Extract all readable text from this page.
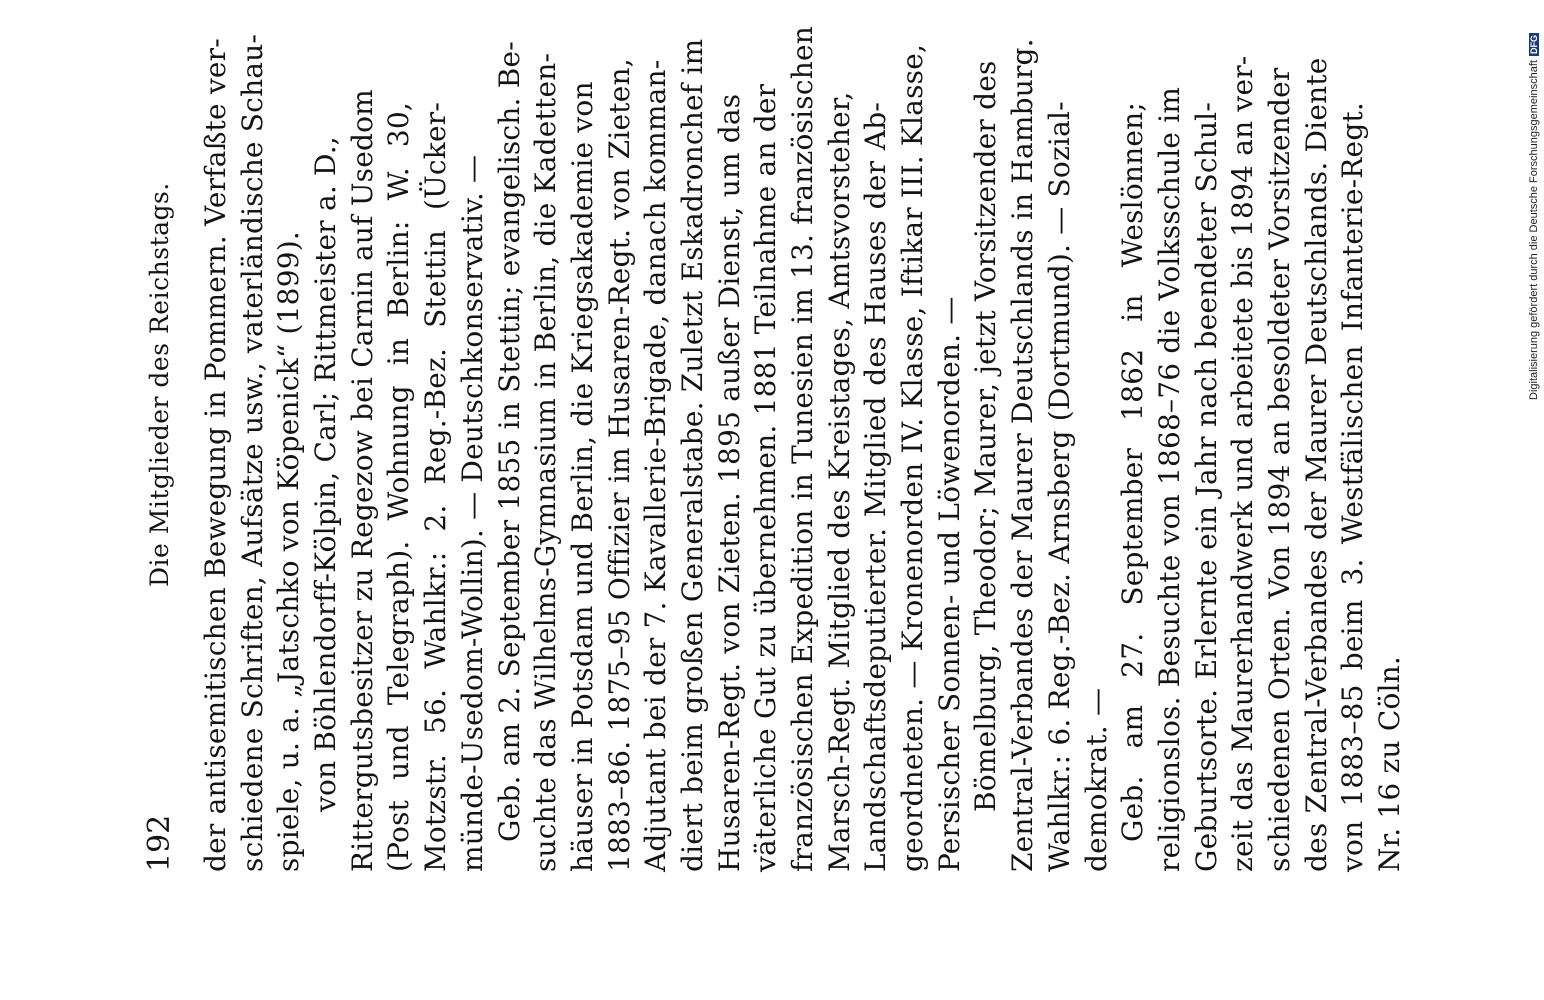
192
Die Mitglieder des Reichstags. der antisemitischen Bewegung in Pommern. Verfaßte ver- schiedene Schriften, Aufsätze usw., vaterländische Schau- spiele, u. a. „Jatschko von Köpenick“ (1899). von Böhlendorff-Kölpin, Carl; Rittmeister a. D., Rittergutsbesitzer zu Regezow bei Carnin auf Usedom (Post und Telegraph). Wohnung in Berlin: W. 30, Motzstr. 56. Wahlkr.: 2. Reg.-Bez. Stettin (Ücker- münde-Usedom-Wollin). — Deutschkonservativ. — Geb. am 2. September 1855 in Stettin; evangelisch. Be- suchte das Wilhelms-Gymnasium in Berlin, die Kadetten- häuser in Potsdam und Berlin, die Kriegsakademie von 1883–86. 1875–95 Offizier im Husaren-Regt. von Zieten, Adjutant bei der 7. Kavallerie-Brigade, danach komman- diert beim großen Generalstabe. Zuletzt Eskadronchef im Husaren-Regt. von Zieten. 1895 außer Dienst, um das väterliche Gut zu übernehmen. 1881 Teilnahme an der französischen Expedition in Tunesien im 13. französischen Marsch-Regt. Mitglied des Kreistages, Amtsvorsteher, Landschaftsdeputierter. Mitglied des Hauses der Ab- geordneten. — Kronenorden IV. Klasse, Iftikar III. Klasse, Persischer Sonnen- und Löwenorden. — Bömelburg, Theodor; Maurer, jetzt Vorsitzender des Zentral-Verbandes der Maurer Deutschlands in Hamburg. Wahlkr.: 6. Reg.-Bez. Arnsberg (Dortmund). — Sozial- demokrat. — Geb. am 27. September 1862 in Weslönnen; religionslos. Besuchte von 1868–76 die Volksschule im Geburtsorte. Erlernte ein Jahr nach beendeter Schul- zeit das Maurerhandwerk und arbeitete bis 1894 an ver- schiedenen Orten. Von 1894 an besoldeter Vorsitzender des Zentral-Verbandes der Maurer Deutschlands. Diente von 1883–85 beim 3. Westfälischen Infanterie-Regt. Nr. 16 zu Cöln.
Digitalisierung gefördert durch die Deutsche ForschungsgemeinschaftDFG
